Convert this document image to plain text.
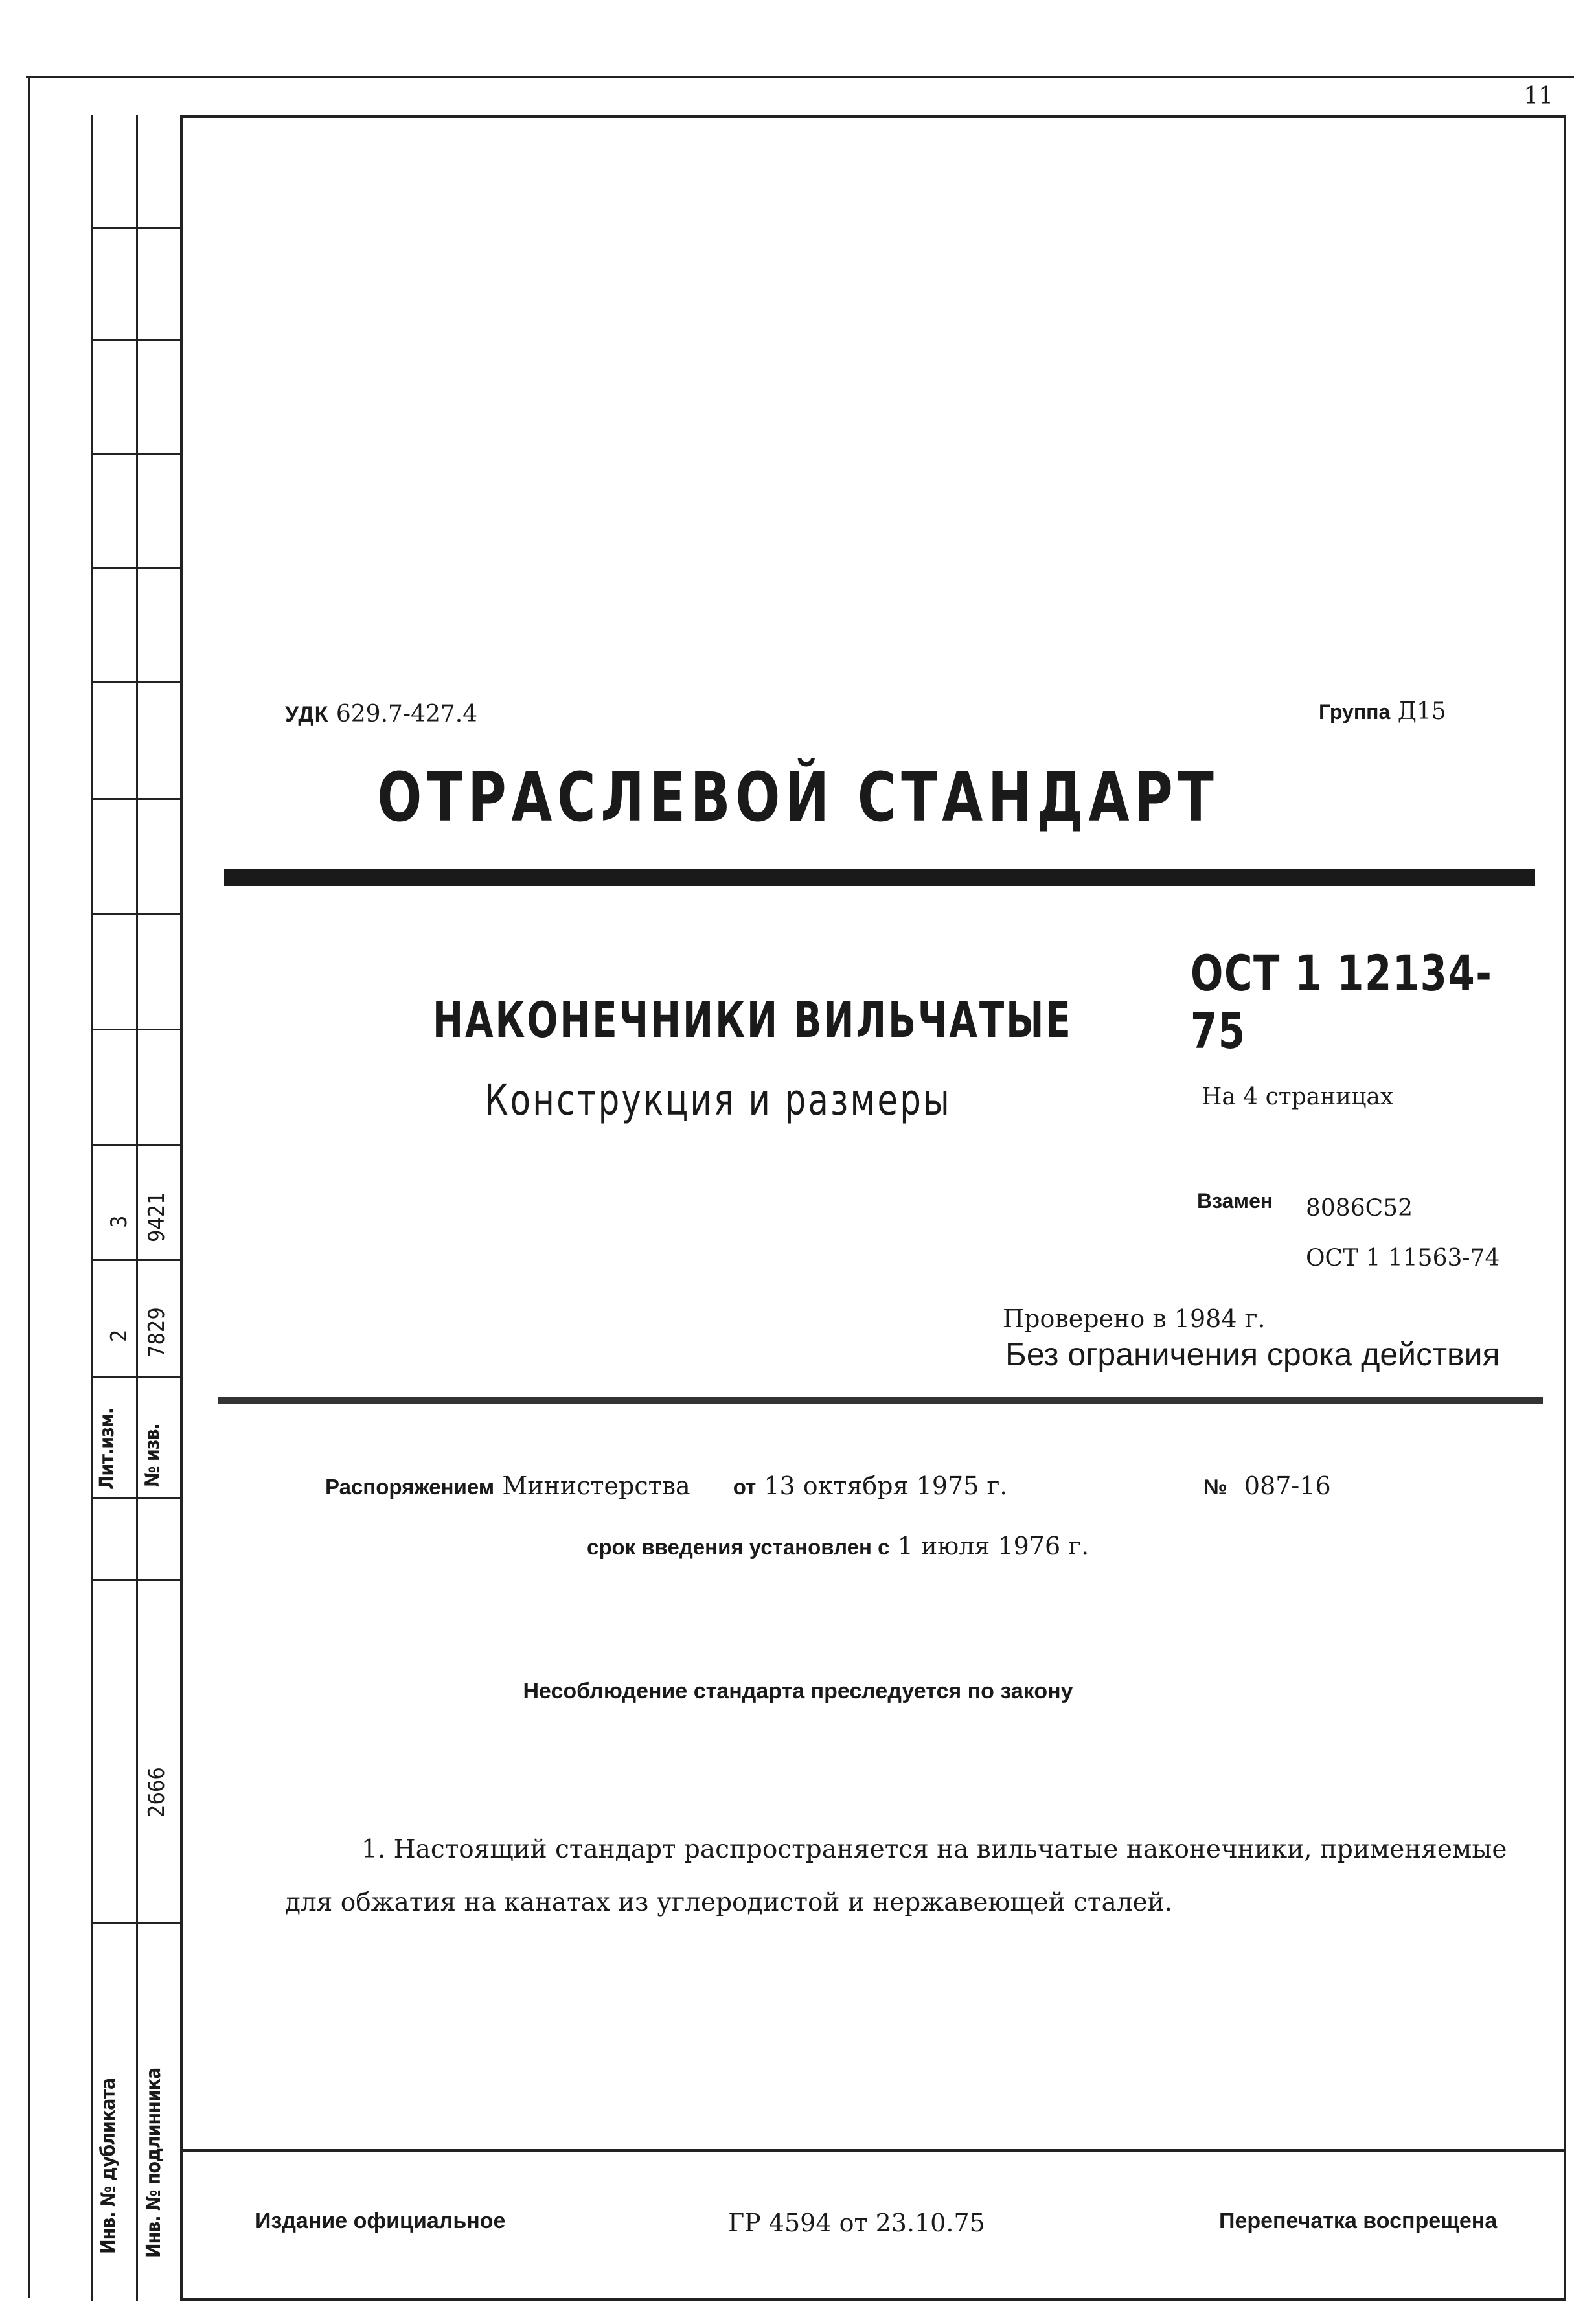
11
3 9421
2 7829
Лит.изм. № изв.
2666
Инв. № дубликата Инв. № подлинника
УДК 629.7-427.4	Группа Д15
ОТРАСЛЕВОЙ СТАНДАРТ
ОСТ 1 12134-75
НАКОНЕЧНИКИ ВИЛЬЧАТЫЕ
Конструкция и размеры	На 4 страницах
Взамен 8086С52
ОСТ 1 11563-74
Проверено в 1984 г.
Без ограничения срока действия
Распоряжением Министерства от 13 октября 1975 г.	№ 087-16
срок введения установлен с 1 июля 1976 г.
Несоблюдение стандарта преследуется по закону
1. Настоящий стандарт распространяется на вильчатые наконечники, применяемые для обжатия на канатах из углеродистой и нержавеющей сталей.
Издание официальное	ГР 4594 от 23.10.75	Перепечатка воспрещена
